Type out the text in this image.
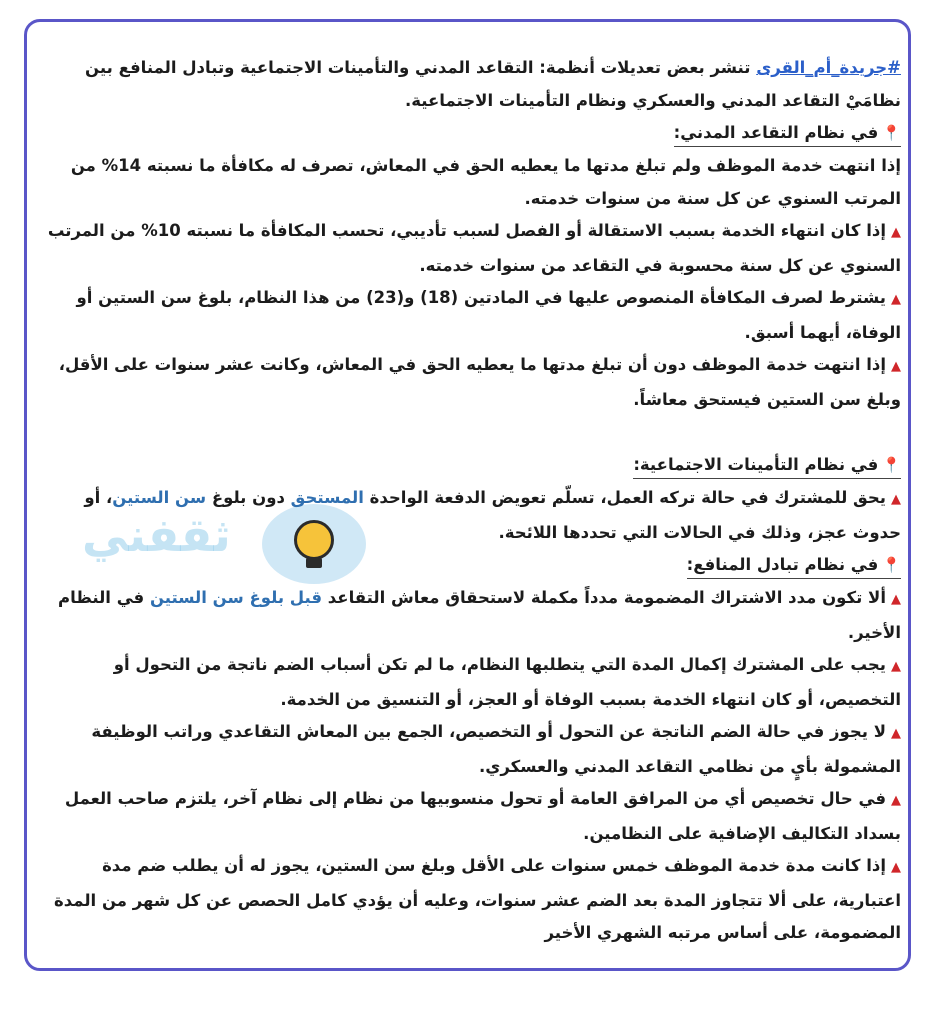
ثقفني

#جريدة_أم_القرى تنشر بعض تعديلات أنظمة: التقاعد المدني والتأمينات الاجتماعية وتبادل المنافع بين نظامَيْ التقاعد المدني والعسكري ونظام التأمينات الاجتماعية.

📍في نظام التقاعد المدني:

إذا انتهت خدمة الموظف ولم تبلغ مدتها ما يعطيه الحق في المعاش، تصرف له مكافأة ما نسبته 14% من المرتب السنوي عن كل سنة من سنوات خدمته.

▲إذا كان انتهاء الخدمة بسبب الاستقالة أو الفصل لسبب تأديبي، تحسب المكافأة ما نسبته 10% من المرتب السنوي عن كل سنة محسوبة في التقاعد من سنوات خدمته.

▲يشترط لصرف المكافأة المنصوص عليها في المادتين (18) و(23) من هذا النظام، بلوغ سن الستين أو الوفاة، أيهما أسبق.

▲إذا انتهت خدمة الموظف دون أن تبلغ مدتها ما يعطيه الحق في المعاش، وكانت عشر سنوات على الأقل، وبلغ سن الستين فيستحق معاشاً.

📍في نظام التأمينات الاجتماعية:

▲يحق للمشترك في حالة تركه العمل، تسلّم تعويض الدفعة الواحدة المستحق دون بلوغ سن الستين، أو حدوث عجز، وذلك في الحالات التي تحددها اللائحة.

📍في نظام تبادل المنافع:

▲ألا تكون مدد الاشتراك المضمومة مدداً مكملة لاستحقاق معاش التقاعد قبل بلوغ سن الستين في النظام الأخير.

▲يجب على المشترك إكمال المدة التي يتطلبها النظام، ما لم تكن أسباب الضم ناتجة من التحول أو التخصيص، أو كان انتهاء الخدمة بسبب الوفاة أو العجز، أو التنسيق من الخدمة.

▲لا يجوز في حالة الضم الناتجة عن التحول أو التخصيص، الجمع بين المعاش التقاعدي وراتب الوظيفة المشمولة بأيٍ من نظامي التقاعد المدني والعسكري.

▲في حال تخصيص أي من المرافق العامة أو تحول منسوبيها من نظام إلى نظام آخر، يلتزم صاحب العمل بسداد التكاليف الإضافية على النظامين.

▲إذا كانت مدة خدمة الموظف خمس سنوات على الأقل وبلغ سن الستين، يجوز له أن يطلب ضم مدة اعتبارية، على ألا تتجاوز المدة بعد الضم عشر سنوات، وعليه أن يؤدي كامل الحصص عن كل شهر من المدة المضمومة، على أساس مرتبه الشهري الأخير
